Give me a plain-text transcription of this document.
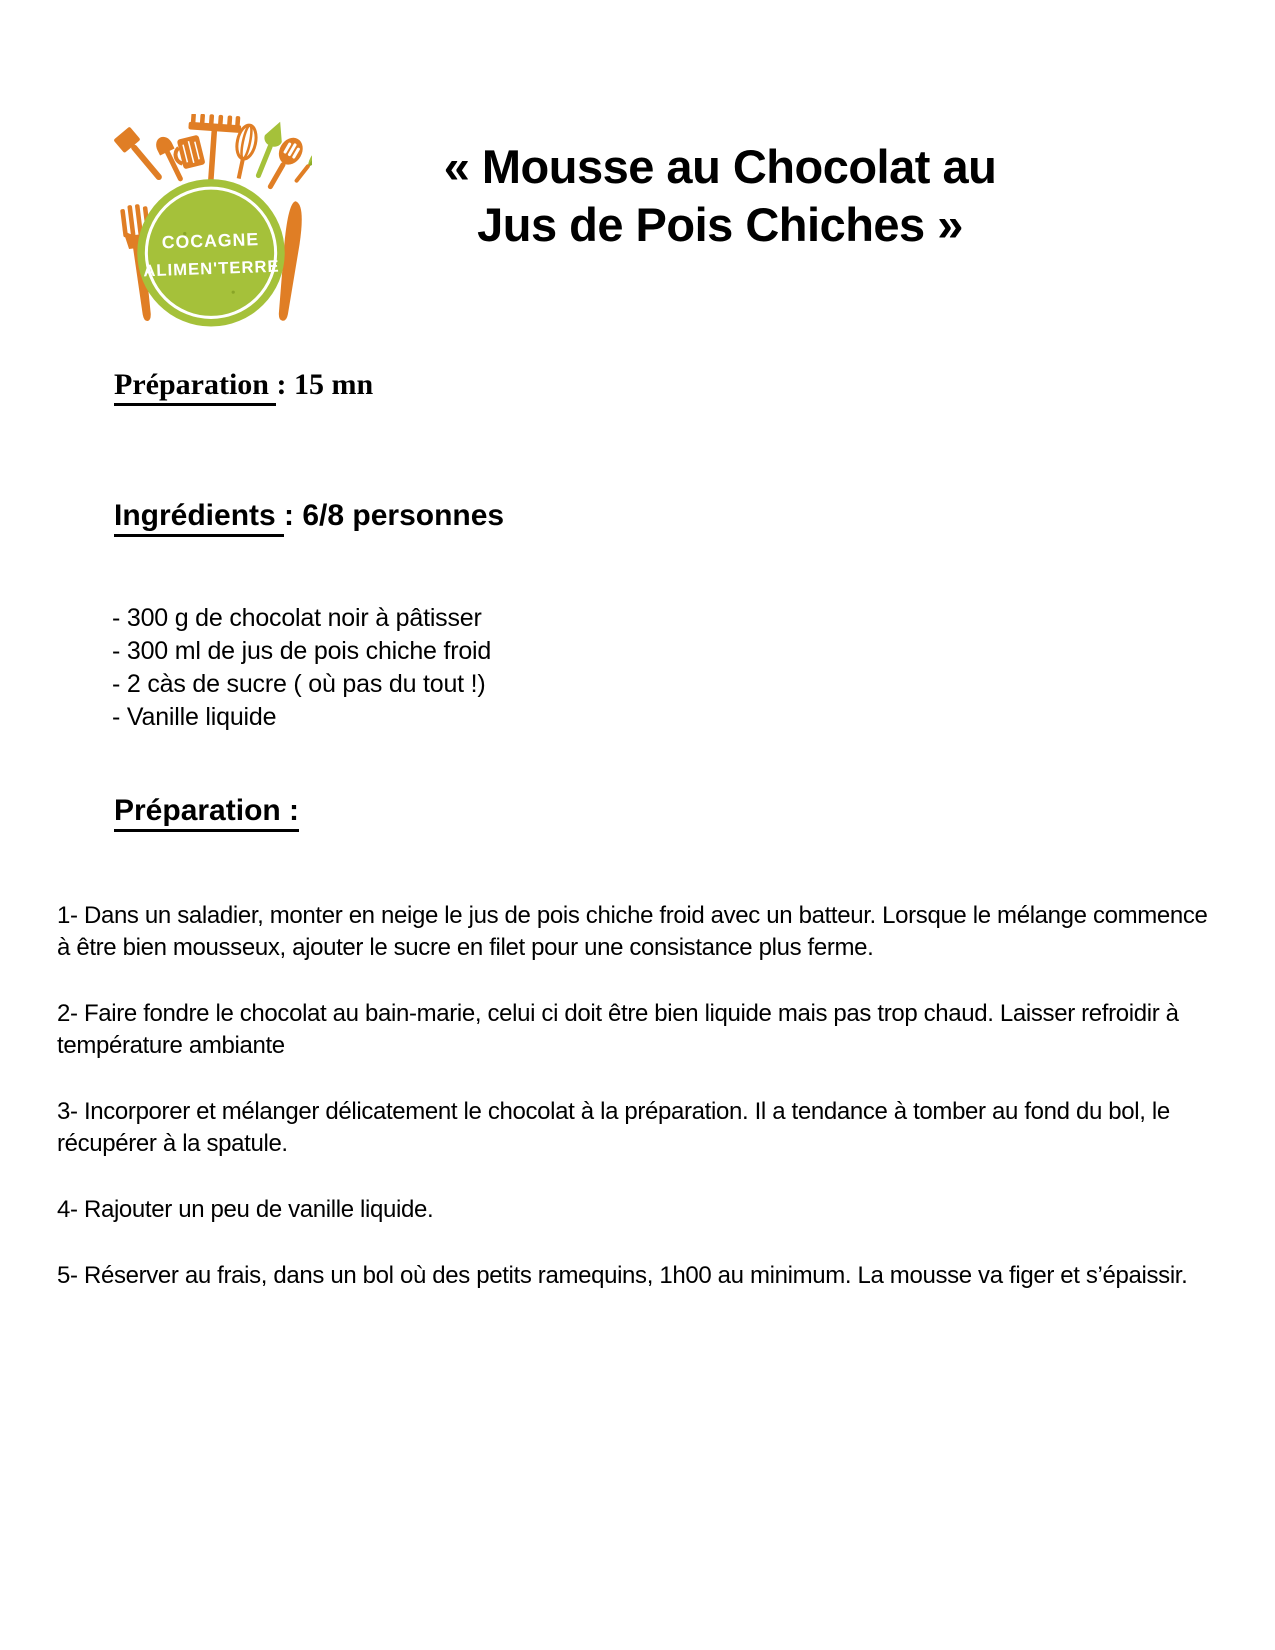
COCAGNE
ALIMEN'TERRE
« Mousse au Chocolat au
Jus de Pois Chiches »
Préparation : 15 mn
Ingrédients : 6/8 personnes
- 300 g de chocolat noir à pâtisser
- 300 ml de jus de pois chiche froid
- 2 càs de sucre ( où pas du tout !)
- Vanille liquide
Préparation :

1- Dans un saladier, monter en neige le jus de pois chiche froid avec un batteur. Lorsque le mélange commence à être bien mousseux, ajouter le sucre en filet pour une consistance plus ferme.

2- Faire fondre le chocolat au bain-marie, celui ci doit être bien liquide mais pas trop chaud. Laisser refroidir à température ambiante

3- Incorporer et mélanger délicatement le chocolat à la préparation. Il a tendance à tomber au fond du bol, le récupérer à la spatule.

4- Rajouter un peu de vanille liquide.

5- Réserver au frais, dans un bol où des petits ramequins, 1h00 au minimum. La mousse va figer et s’épaissir.
